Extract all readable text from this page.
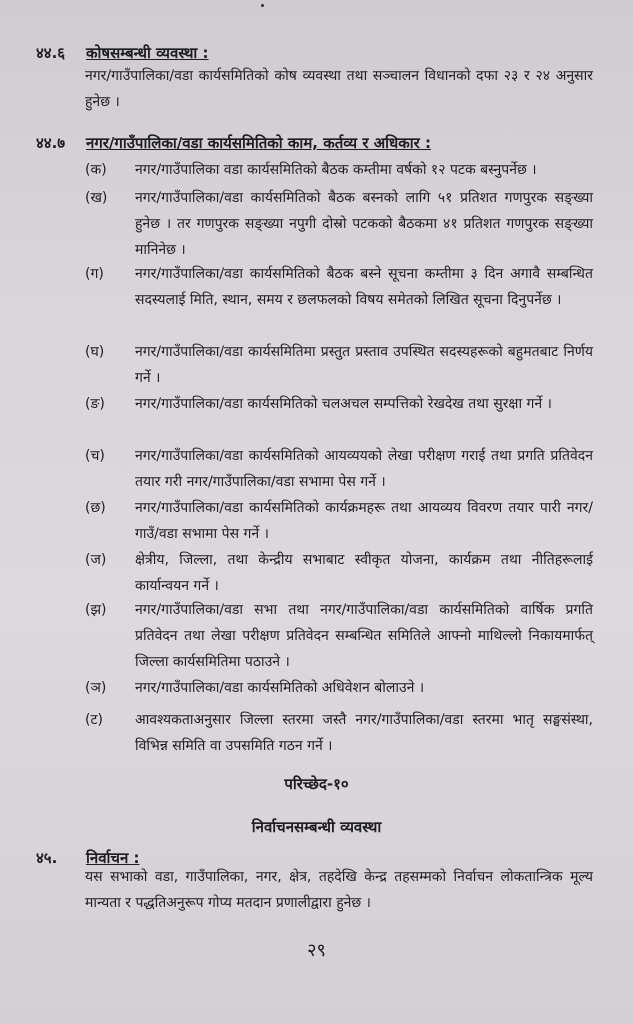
४४.६ कोषसम्बन्धी व्यवस्था :
नगर/गाउँपालिका/वडा कार्यसमितिको कोष व्यवस्था तथा सञ्चालन विधानको दफा २३ र २४ अनुसार हुनेछ ।
४४.७ नगर/गाउँपालिका/वडा कार्यसमितिको काम, कर्तव्य र अधिकार :
(क)	नगर/गाउँपालिका वडा कार्यसमितिको बैठक कम्तीमा वर्षको १२ पटक बस्नुपर्नेछ ।
(ख)	नगर/गाउँपालिका/वडा कार्यसमितिको बैठक बस्नको लागि ५१ प्रतिशत गणपुरक सङ्ख्या हुनेछ । तर गणपुरक सङ्ख्या नपुगी दोस्रो पटकको बैठकमा ४१ प्रतिशत गणपुरक सङ्ख्या मानिनेछ ।
(ग)	नगर/गाउँपालिका/वडा कार्यसमितिको बैठक बस्ने सूचना कम्तीमा ३ दिन अगावै सम्बन्धित सदस्यलाई मिति, स्थान, समय र छलफलको विषय समेतको लिखित सूचना दिनुपर्नेछ ।
(घ)	नगर/गाउँपालिका/वडा कार्यसमितिमा प्रस्तुत प्रस्ताव उपस्थित सदस्यहरूको बहुमतबाट निर्णय गर्ने ।
(ङ)	नगर/गाउँपालिका/वडा कार्यसमितिको चलअचल सम्पत्तिको रेखदेख तथा सुरक्षा गर्ने ।
(च)	नगर/गाउँपालिका/वडा कार्यसमितिको आयव्ययको लेखा परीक्षण गराई तथा प्रगति प्रतिवेदन तयार गरी नगर/गाउँपालिका/वडा सभामा पेस गर्ने ।
(छ)	नगर/गाउँपालिका/वडा कार्यसमितिको कार्यक्रमहरू तथा आयव्यय विवरण तयार पारी नगर/गाउँ/वडा सभामा पेस गर्ने ।
(ज)	क्षेत्रीय, जिल्ला, तथा केन्द्रीय सभाबाट स्वीकृत योजना, कार्यक्रम तथा नीतिहरूलाई कार्यान्वयन गर्ने ।
(झ)	नगर/गाउँपालिका/वडा सभा तथा नगर/गाउँपालिका/वडा कार्यसमितिको वार्षिक प्रगति प्रतिवेदन तथा लेखा परीक्षण प्रतिवेदन सम्बन्धित समितिले आफ्नो माथिल्लो निकायमार्फत् जिल्ला कार्यसमितिमा पठाउने ।
(ञ)	नगर/गाउँपालिका/वडा कार्यसमितिको अधिवेशन बोलाउने ।
(ट)	आवश्यकताअनुसार जिल्ला स्तरमा जस्तै नगर/गाउँपालिका/वडा स्तरमा भातृ सङ्घसंस्था, विभिन्न समिति वा उपसमिति गठन गर्ने ।
परिच्छेद-१०
निर्वाचनसम्बन्धी व्यवस्था
४५. निर्वाचन :
यस सभाको वडा, गाउँपालिका, नगर, क्षेत्र, तहदेखि केन्द्र तहसम्मको निर्वाचन लोकतान्त्रिक मूल्य मान्यता र पद्धतिअनुरूप गोप्य मतदान प्रणालीद्वारा हुनेछ ।
२९
